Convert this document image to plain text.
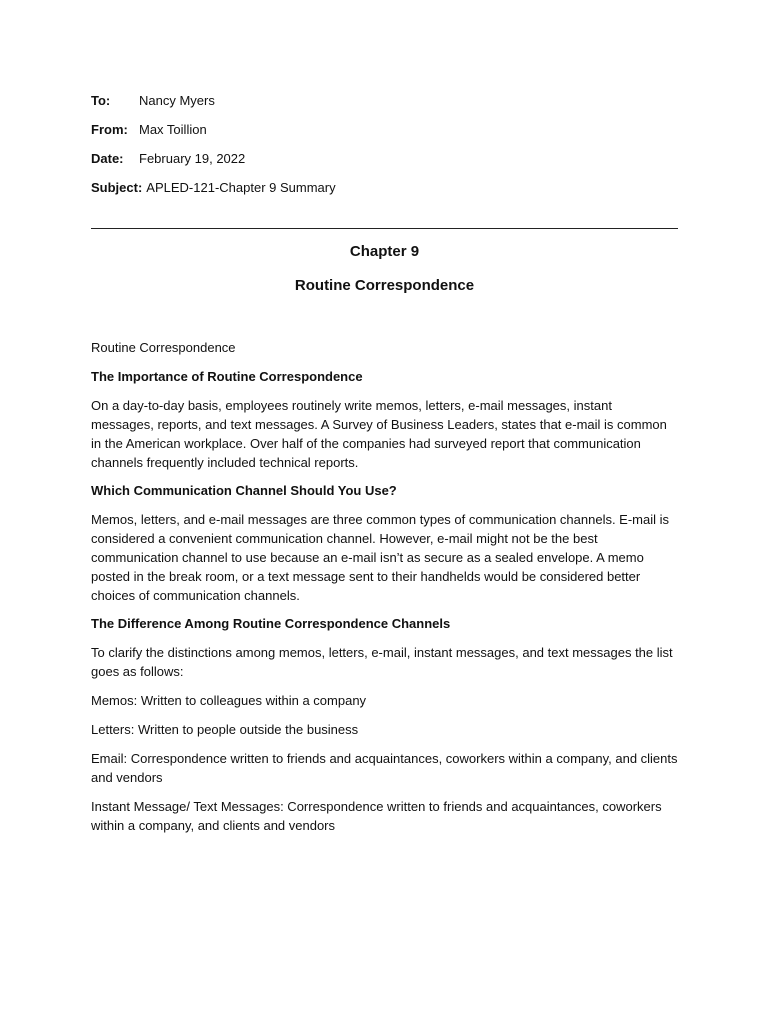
To:	Nancy Myers
From: Max Toillion
Date:	February 19, 2022
Subject: APLED-121-Chapter 9 Summary
Chapter 9
Routine Correspondence
Routine Correspondence
The Importance of Routine Correspondence
On a day-to-day basis, employees routinely write memos, letters, e-mail messages, instant messages, reports, and text messages. A Survey of Business Leaders, states that e-mail is common in the American workplace. Over half of the companies had surveyed report that communication channels frequently included technical reports.
Which Communication Channel Should You Use?
Memos, letters, and e-mail messages are three common types of communication channels. E-mail is considered a convenient communication channel. However, e-mail might not be the best communication channel to use because an e-mail isn’t as secure as a sealed envelope. A memo posted in the break room, or a text message sent to their handhelds would be considered better choices of communication channels.
The Difference Among Routine Correspondence Channels
To clarify the distinctions among memos, letters, e-mail, instant messages, and text messages the list goes as follows:
Memos: Written to colleagues within a company
Letters: Written to people outside the business
Email: Correspondence written to friends and acquaintances, coworkers within a company, and clients and vendors
Instant Message/ Text Messages: Correspondence written to friends and acquaintances, coworkers within a company, and clients and vendors
